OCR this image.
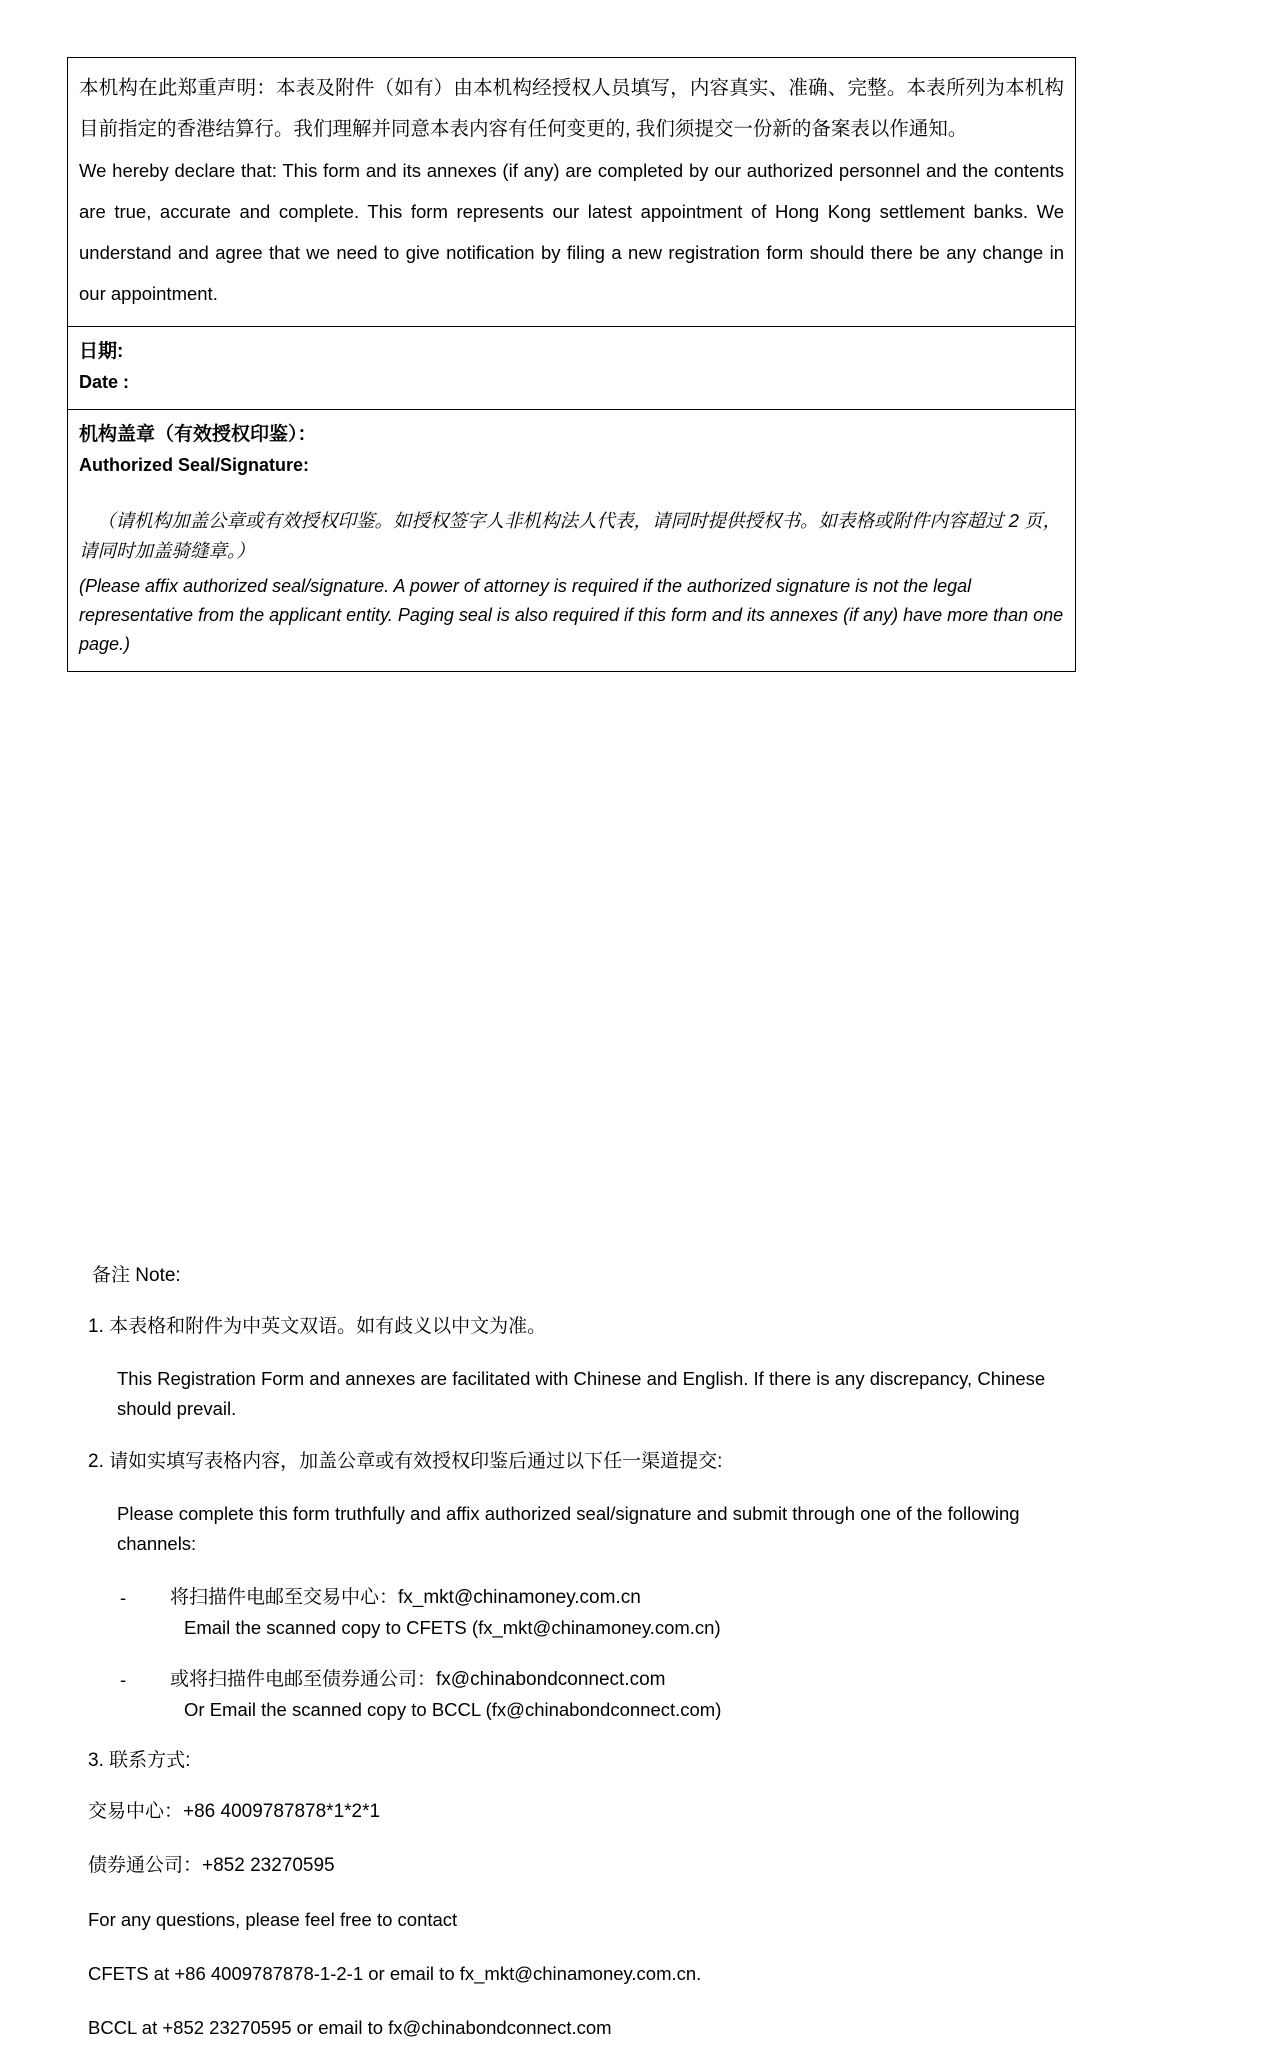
本机构在此郑重声明：本表及附件（如有）由本机构经授权人员填写，内容真实、准确、完整。本表所列为本机构目前指定的香港结算行。我们理解并同意本表内容有任何变更的, 我们须提交一份新的备案表以作通知。

We hereby declare that: This form and its annexes (if any) are completed by our authorized personnel and the contents are true, accurate and complete. This form represents our latest appointment of Hong Kong settlement banks. We understand and agree that we need to give notification by filing a new registration form should there be any change in our appointment.

日期:

Date :

机构盖章（有效授权印鉴）：

Authorized Seal/Signature:

（请机构加盖公章或有效授权印鉴。如授权签字人非机构法人代表，请同时提供授权书。如表格或附件内容超过 2 页，请同时加盖骑缝章。）

(Please affix authorized seal/signature. A power of attorney is required if the authorized signature is not the legal representative from the applicant entity. Paging seal is also required if this form and its annexes (if any) have more than one page.)

备注 Note:

1. 本表格和附件为中英文双语。如有歧义以中文为准。

This Registration Form and annexes are facilitated with Chinese and English. If there is any discrepancy, Chinese should prevail.

2. 请如实填写表格内容，加盖公章或有效授权印鉴后通过以下任一渠道提交:

Please complete this form truthfully and affix authorized seal/signature and submit through one of the following channels:

-	将扫描件电邮至交易中心：fx_mkt@chinamoney.com.cn

Email the scanned copy to CFETS (fx_mkt@chinamoney.com.cn)

-	或将扫描件电邮至债券通公司：fx@chinabondconnect.com

Or Email the scanned copy to BCCL (fx@chinabondconnect.com)

3. 联系方式:

交易中心：+86 4009787878*1*2*1

债券通公司：+852 23270595

For any questions, please feel free to contact

CFETS at +86 4009787878-1-2-1 or email to fx_mkt@chinamoney.com.cn.

BCCL at +852 23270595 or email to fx@chinabondconnect.com
